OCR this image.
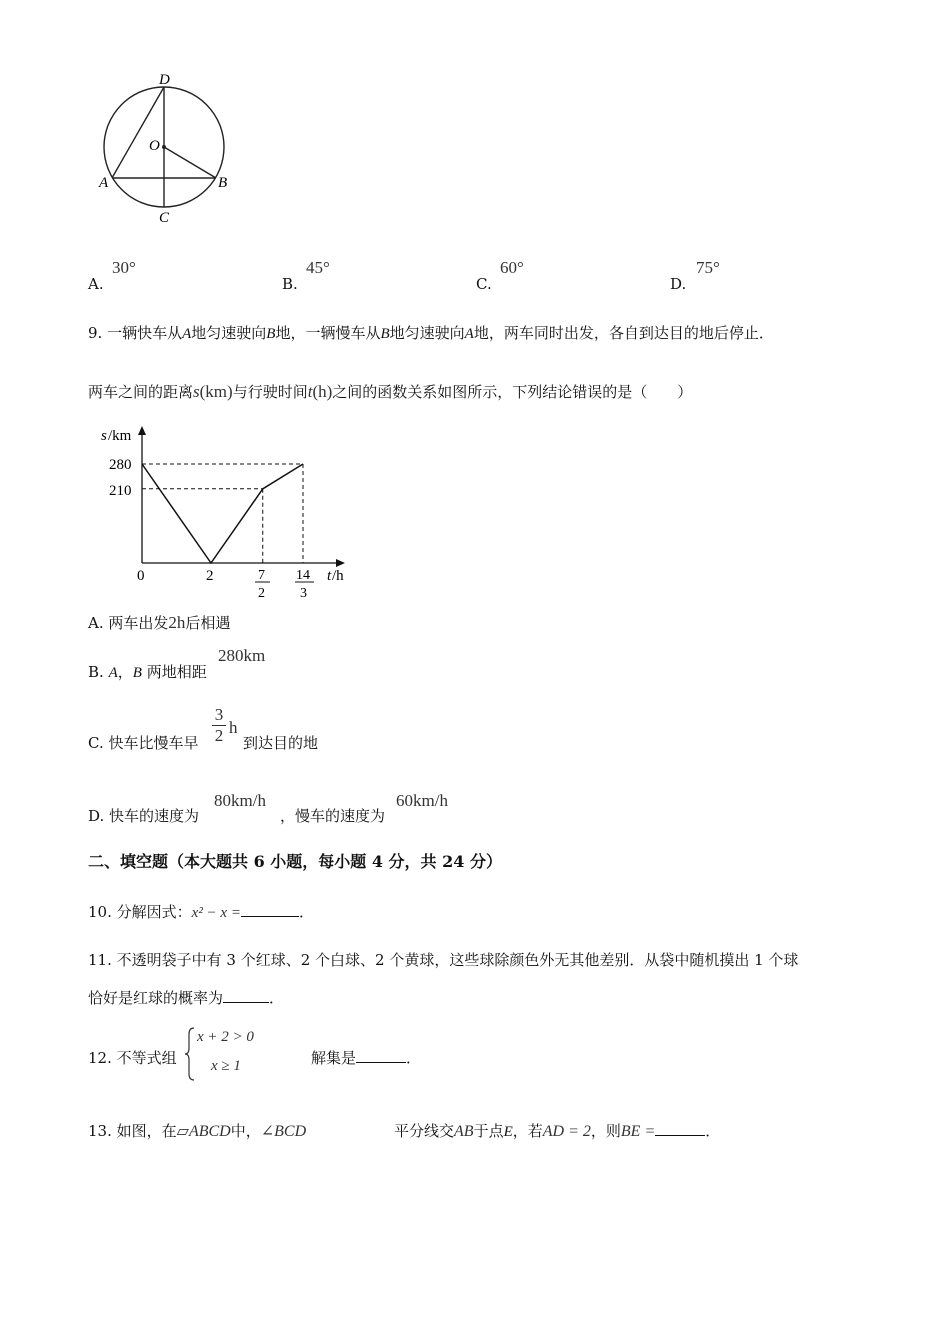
D
O
A	B
C
A.
30°
B.
45°
C.
60°
D.
75°
9. 一辆快车从A地匀速驶向B地，一辆慢车从B地匀速驶向A地，两车同时出发，各自到达目的地后停止．
两车之间的距离s(km)与行驶时间t(h)之间的函数关系如图所示，下列结论错误的是（　　）
s /km
280
210
0	2	7
2
14
3
t /h
A. 两车出发2h后相遇
B. A，B 两地相距
280km
C. 快车比慢车早
3
2 h
到达目的地
D. 快车的速度为
80km/h
，慢车的速度为
60km/h
二、填空题（本大题共 6 小题，每小题 4 分，共 24 分）
10. 分解因式：x² − x =	．
11. 不透明袋子中有 3 个红球、2 个白球、2 个黄球，这些球除颜色外无其他差别．从袋中随机摸出 1 个球
恰好是红球的概率为	．
12. 不等式组
x + 2 > 0
x ≥ 1	解集是	．
13. 如图，在▱ABCD中，∠BCD	平分线交AB于点E，若AD = 2，则BE =	．
